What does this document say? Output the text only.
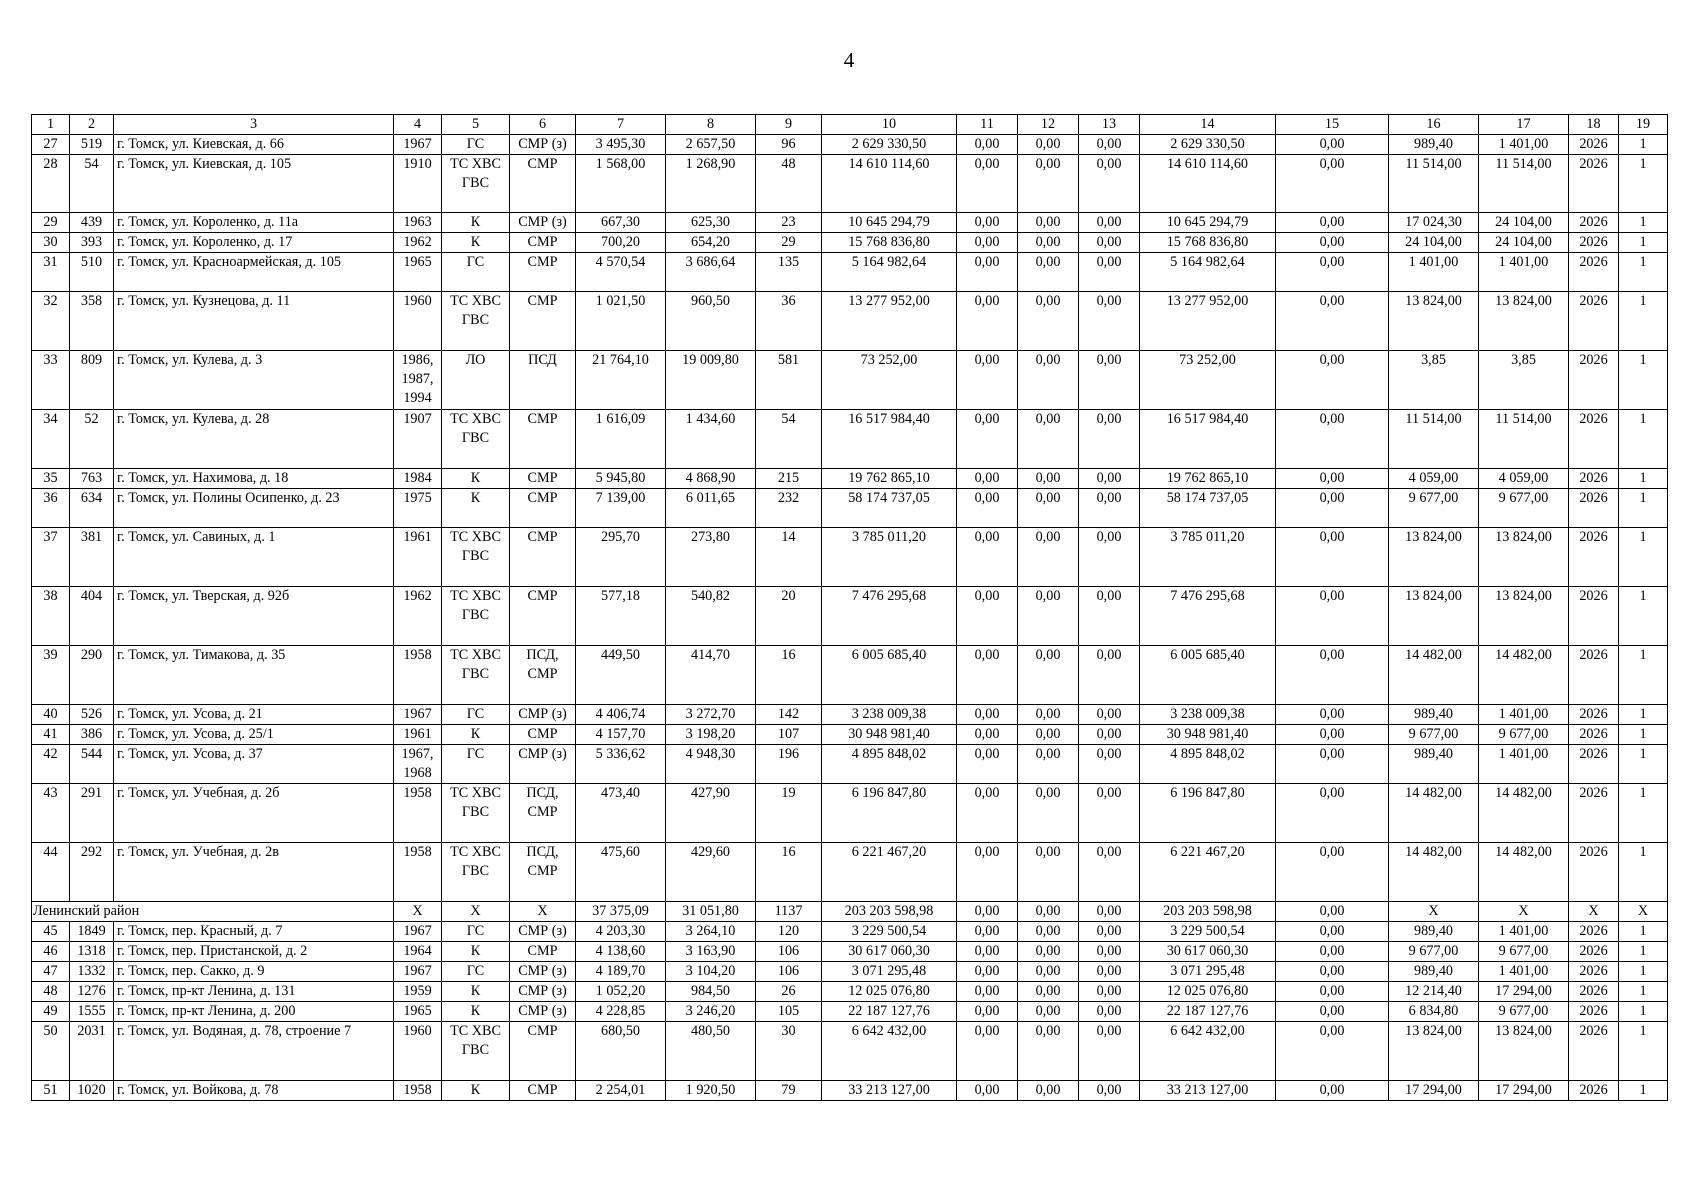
4
1	2	3	4	5	6	7	8	9	10	11	12	13	14	15	16	17	18	19
27	519	г. Томск, ул. Киевская, д. 66	1967	ГС	СМР (з)	3 495,30	2 657,50	96	2 629 330,50	0,00	0,00	0,00	2 629 330,50	0,00	989,40	1 401,00	2026	1
28	54	г. Томск, ул. Киевская, д. 105	1910	ТС ХВС ГВС	СМР	1 568,00	1 268,90	48	14 610 114,60	0,00	0,00	0,00	14 610 114,60	0,00	11 514,00	11 514,00	2026	1
29	439	г. Томск, ул. Короленко, д. 11а	1963	К	СМР (з)	667,30	625,30	23	10 645 294,79	0,00	0,00	0,00	10 645 294,79	0,00	17 024,30	24 104,00	2026	1
30	393	г. Томск, ул. Короленко, д. 17	1962	К	СМР	700,20	654,20	29	15 768 836,80	0,00	0,00	0,00	15 768 836,80	0,00	24 104,00	24 104,00	2026	1
31	510	г. Томск, ул. Красноармейская, д. 105	1965	ГС	СМР	4 570,54	3 686,64	135	5 164 982,64	0,00	0,00	0,00	5 164 982,64	0,00	1 401,00	1 401,00	2026	1
32	358	г. Томск, ул. Кузнецова, д. 11	1960	ТС ХВС ГВС	СМР	1 021,50	960,50	36	13 277 952,00	0,00	0,00	0,00	13 277 952,00	0,00	13 824,00	13 824,00	2026	1
33	809	г. Томск, ул. Кулева, д. 3	1986, 1987, 1994	ЛО	ПСД	21 764,10	19 009,80	581	73 252,00	0,00	0,00	0,00	73 252,00	0,00	3,85	3,85	2026	1
34	52	г. Томск, ул. Кулева, д. 28	1907	ТС ХВС ГВС	СМР	1 616,09	1 434,60	54	16 517 984,40	0,00	0,00	0,00	16 517 984,40	0,00	11 514,00	11 514,00	2026	1
35	763	г. Томск, ул. Нахимова, д. 18	1984	К	СМР	5 945,80	4 868,90	215	19 762 865,10	0,00	0,00	0,00	19 762 865,10	0,00	4 059,00	4 059,00	2026	1
36	634	г. Томск, ул. Полины Осипенко, д. 23	1975	К	СМР	7 139,00	6 011,65	232	58 174 737,05	0,00	0,00	0,00	58 174 737,05	0,00	9 677,00	9 677,00	2026	1
37	381	г. Томск, ул. Савиных, д. 1	1961	ТС ХВС ГВС	СМР	295,70	273,80	14	3 785 011,20	0,00	0,00	0,00	3 785 011,20	0,00	13 824,00	13 824,00	2026	1
38	404	г. Томск, ул. Тверская, д. 92б	1962	ТС ХВС ГВС	СМР	577,18	540,82	20	7 476 295,68	0,00	0,00	0,00	7 476 295,68	0,00	13 824,00	13 824,00	2026	1
39	290	г. Томск, ул. Тимакова, д. 35	1958	ТС ХВС ГВС	ПСД, СМР	449,50	414,70	16	6 005 685,40	0,00	0,00	0,00	6 005 685,40	0,00	14 482,00	14 482,00	2026	1
40	526	г. Томск, ул. Усова, д. 21	1967	ГС	СМР (з)	4 406,74	3 272,70	142	3 238 009,38	0,00	0,00	0,00	3 238 009,38	0,00	989,40	1 401,00	2026	1
41	386	г. Томск, ул. Усова, д. 25/1	1961	К	СМР	4 157,70	3 198,20	107	30 948 981,40	0,00	0,00	0,00	30 948 981,40	0,00	9 677,00	9 677,00	2026	1
42	544	г. Томск, ул. Усова, д. 37	1967, 1968	ГС	СМР (з)	5 336,62	4 948,30	196	4 895 848,02	0,00	0,00	0,00	4 895 848,02	0,00	989,40	1 401,00	2026	1
43	291	г. Томск, ул. Учебная, д. 2б	1958	ТС ХВС ГВС	ПСД, СМР	473,40	427,90	19	6 196 847,80	0,00	0,00	0,00	6 196 847,80	0,00	14 482,00	14 482,00	2026	1
44	292	г. Томск, ул. Учебная, д. 2в	1958	ТС ХВС ГВС	ПСД, СМР	475,60	429,60	16	6 221 467,20	0,00	0,00	0,00	6 221 467,20	0,00	14 482,00	14 482,00	2026	1
Ленинский район			X	X	X	37 375,09	31 051,80	1137	203 203 598,98	0,00	0,00	0,00	203 203 598,98	0,00	X	X	X	X
45	1849	г. Томск, пер. Красный, д. 7	1967	ГС	СМР (з)	4 203,30	3 264,10	120	3 229 500,54	0,00	0,00	0,00	3 229 500,54	0,00	989,40	1 401,00	2026	1
46	1318	г. Томск, пер. Пристанской, д. 2	1964	К	СМР	4 138,60	3 163,90	106	30 617 060,30	0,00	0,00	0,00	30 617 060,30	0,00	9 677,00	9 677,00	2026	1
47	1332	г. Томск, пер. Сакко, д. 9	1967	ГС	СМР (з)	4 189,70	3 104,20	106	3 071 295,48	0,00	0,00	0,00	3 071 295,48	0,00	989,40	1 401,00	2026	1
48	1276	г. Томск, пр-кт Ленина, д. 131	1959	К	СМР (з)	1 052,20	984,50	26	12 025 076,80	0,00	0,00	0,00	12 025 076,80	0,00	12 214,40	17 294,00	2026	1
49	1555	г. Томск, пр-кт Ленина, д. 200	1965	К	СМР (з)	4 228,85	3 246,20	105	22 187 127,76	0,00	0,00	0,00	22 187 127,76	0,00	6 834,80	9 677,00	2026	1
50	2031	г. Томск, ул. Водяная, д. 78, строение 7	1960	ТС ХВС ГВС	СМР	680,50	480,50	30	6 642 432,00	0,00	0,00	0,00	6 642 432,00	0,00	13 824,00	13 824,00	2026	1
51	1020	г. Томск, ул. Войкова, д. 78	1958	К	СМР	2 254,01	1 920,50	79	33 213 127,00	0,00	0,00	0,00	33 213 127,00	0,00	17 294,00	17 294,00	2026	1
